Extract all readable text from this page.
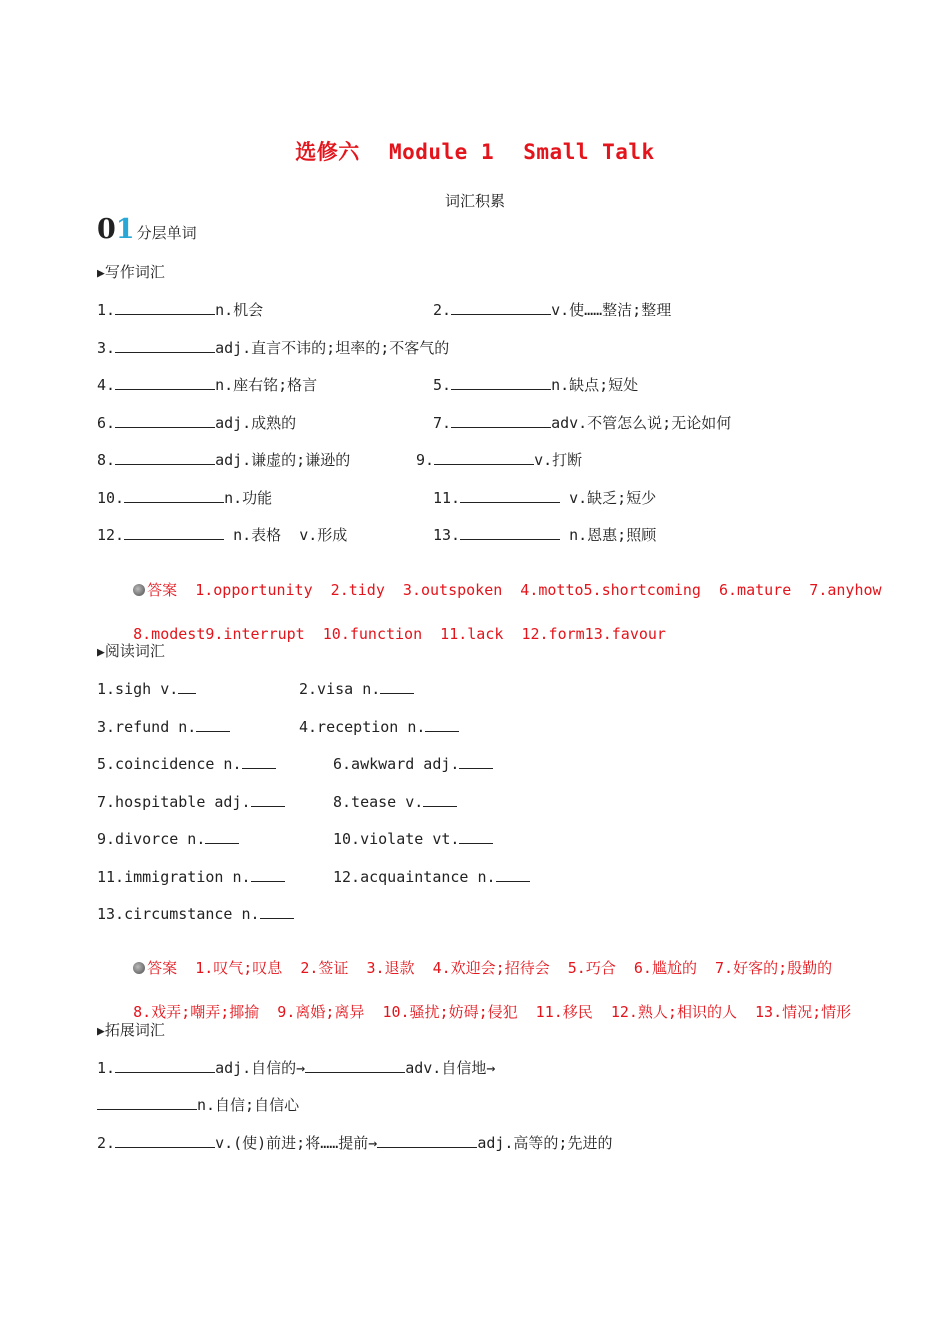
选修六 Module 1 Small Talk
词汇积累
0 1 分层单词
▶写作词汇
1.	n.机会	2.	v.使……整洁;整理
3.	adj.直言不讳的;坦率的;不客气的
4.	n.座右铭;格言	5.	n.缺点;短处
6.	adj.成熟的	7.	adv.不管怎么说;无论如何
8.	adj.谦虚的;谦逊的	9.	v.打断
10.	n.功能	11.	v.缺乏;短少
12.	n.表格  v.形成	13.	n.恩惠;照顾

答案 1.opportunity  2.tidy  3.outspoken  4.motto5.shortcoming  6.mature  7.anyhow

8.modest9.interrupt  10.function  11.lack  12.form13.favour

▶阅读词汇
1.sigh v.	2.visa n.
3.refund n.	4.reception n.
5.coincidence n.	6.awkward adj.
7.hospitable adj.	8.tease v.
9.divorce n.	10.violate vt.
11.immigration n.	12.acquaintance n.
13.circumstance n.

答案 1.叹气;叹息  2.签证  3.退款  4.欢迎会;招待会  5.巧合  6.尴尬的  7.好客的;殷勤的

8.戏弄;嘲弄;揶揄  9.离婚;离异  10.骚扰;妨碍;侵犯  11.移民  12.熟人;相识的人  13.情况;情形

▶拓展词汇
1.	adj.自信的→	adv.自信地→
n.自信;自信心
2.	v.(使)前进;将……提前→	adj.高等的;先进的
